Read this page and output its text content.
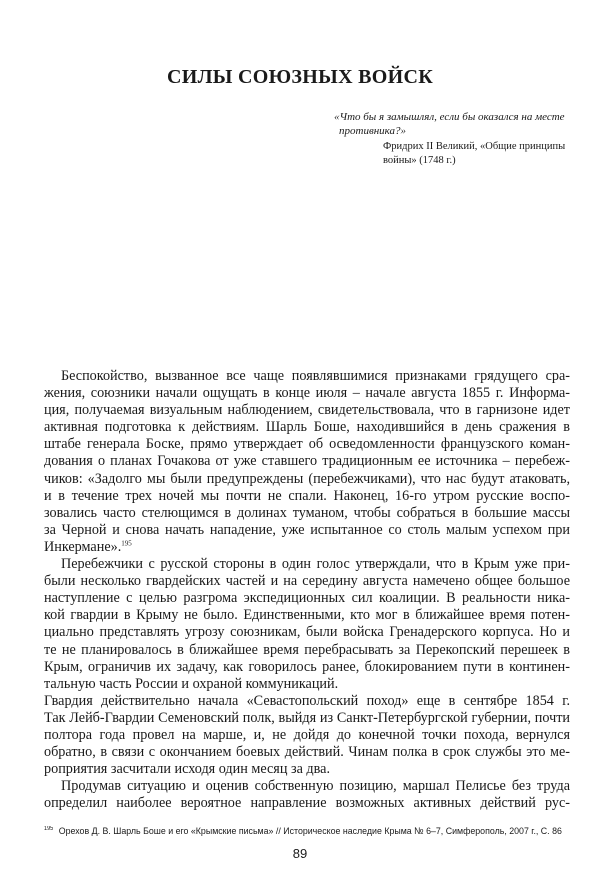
СИЛЫ СОЮЗНЫХ ВОЙСК
«Что бы я замышлял, если бы оказался на месте
противника?»
Фридрих II Великий, «Общие принципы
войны» (1748 г.)
Беспокойство, вызванное все чаще появлявшимися признаками грядущего сра-
жения, союзники начали ощущать в конце июля – начале августа 1855 г. Информа-
ция, получаемая визуальным наблюдением, свидетельствовала, что в гарнизоне идет
активная подготовка к действиям. Шарль Боше, находившийся в день сражения в
штабе генерала Боске, прямо утверждает об осведомленности французского коман-
дования о планах Гочакова от уже ставшего традиционным ее источника – перебеж-
чиков: «Задолго мы были предупреждены (перебежчиками), что нас будут атаковать,
и в течение трех ночей мы почти не спали. Наконец, 16-го утром русские воспо-
зовались часто стелющимся в долинах туманом, чтобы собраться в большие массы
за Черной и снова начать нападение, уже испытанное со столь малым успехом при
Инкермане».$^{195}$
Перебежчики с русской стороны в один голос утверждали, что в Крым уже при-
были несколько гвардейских частей и на середину августа намечено общее большое
наступление с целью разгрома экспедиционных сил коалиции. В реальности ника-
кой гвардии в Крыму не было. Единственными, кто мог в ближайшее время потен-
циально представлять угрозу союзникам, были войска Гренадерского корпуса. Но и
те не планировалось в ближайшее время перебрасывать за Перекопский перешеек в
Крым, ограничив их задачу, как говорилось ранее, блокированием пути в континен-
тальную часть России и охраной коммуникаций.
Гвардия действительно начала «Севастопольский поход» еще в сентябре 1854 г.
Так Лейб-Гвардии Семеновский полк, выйдя из Санкт-Петербургской губернии, почти
полтора года провел на марше, и, не дойдя до конечной точки похода, вернулся
обратно, в связи с окончанием боевых действий. Чинам полка в срок службы это ме-
роприятия засчитали исходя один месяц за два.
Продумав ситуацию и оценив собственную позицию, маршал Пелисье без труда
определил наиболее вероятное направление возможных активных действий рус-
$^{195}$ Орехов Д. В. Шарль Боше и его «Крымские письма» // Историческое наследие Крыма № 6–7, Симферополь, 2007 г., С. 86
89
